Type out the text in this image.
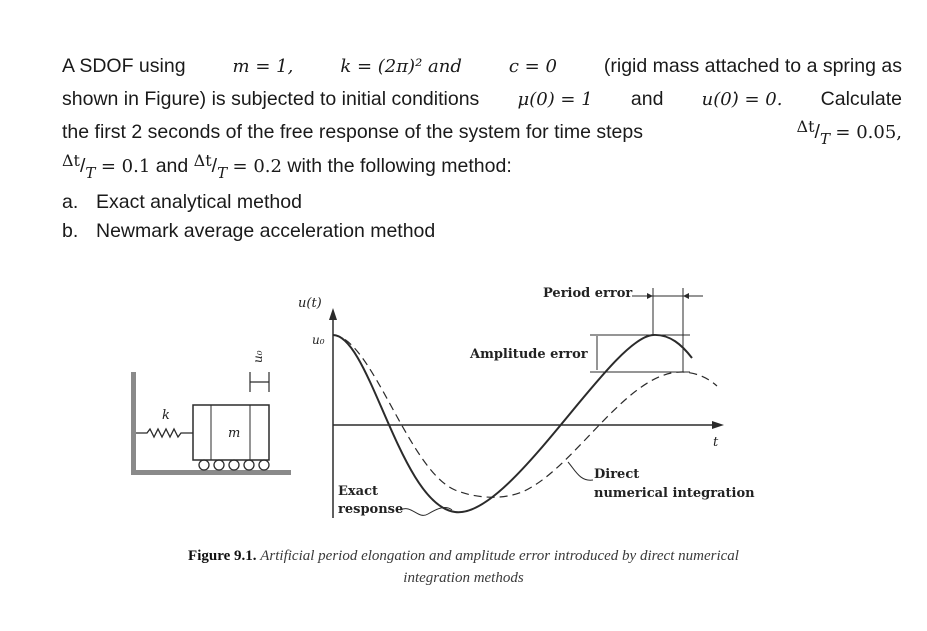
A SDOF using	m = 1,	k = (2π)² and	c = 0 (rigid mass attached to a spring as
shown in Figure) is subjected to initial conditions μ(0) = 1 and u(0)̇ = 0. Calculate
the first 2 seconds of the free response of the system for time steps	$\Delta t/_T = 0.05$,
$\Delta t/_T = 0.1$ and $\Delta t/_T = 0.2$ with the following method:
a. Exact analytical method
b. Newmark average acceleration method
k
m
u₀
u(t)
u₀
t
Period error
Amplitude error
Exact
response
Direct
numerical integration
Figure 9.1. Artificial period elongation and amplitude error introduced by direct numerical
integration methods
